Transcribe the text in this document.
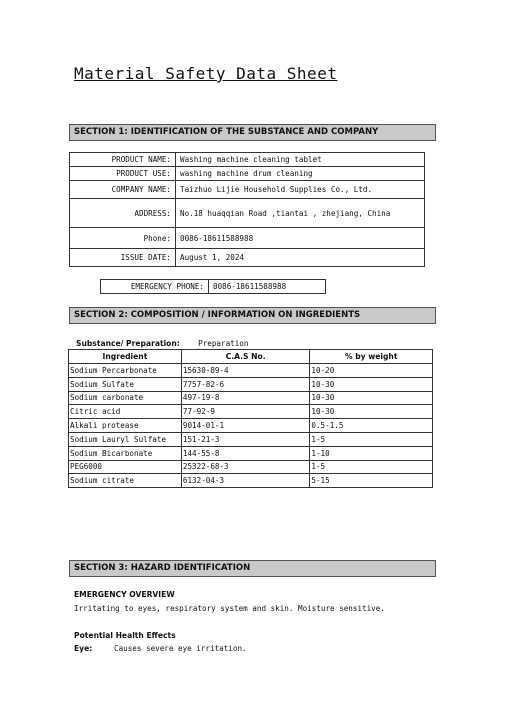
Material Safety Data Sheet
SECTION 1: IDENTIFICATION OF THE SUBSTANCE AND COMPANY
PRODUCT NAME:	Washing machine cleaning tablet
PRODUCT USE:	washing machine drum cleaning
COMPANY NAME:	Taizhuo Lijie Household Supplies Co., Ltd.
ADDRESS:	No.18 huaqqian Road ,tiantai , zhejiang, China
Phone:	0086-18611588988
ISSUE DATE:	August 1, 2024
EMERGENCY PHONE:	0086-18611588988
SECTION 2: COMPOSITION / INFORMATION ON INGREDIENTS
Substance/ Preparation: Preparation
Ingredient	C.A.S No.	% by weight
Sodium Percarbonate	15630-89-4	10-20
Sodium Sulfate	7757-82-6	10-30
Sodium carbonate	497-19-8	10-30
Citric acid	77-92-9	10-30
Alkali protease	9014-01-1	0.5-1.5
Sodium Lauryl Sulfate	151-21-3	1-5
Sodium Bicarbonate	144-55-8	1-10
PEG6000	25322-68-3	1-5
Sodium citrate	6132-04-3	5-15
SECTION 3: HAZARD IDENTIFICATION
EMERGENCY OVERVIEW
Irritating to eyes, respiratory system and skin. Moisture sensitive.
Potential Health Effects
Eye:	Causes severe eye irritation.
